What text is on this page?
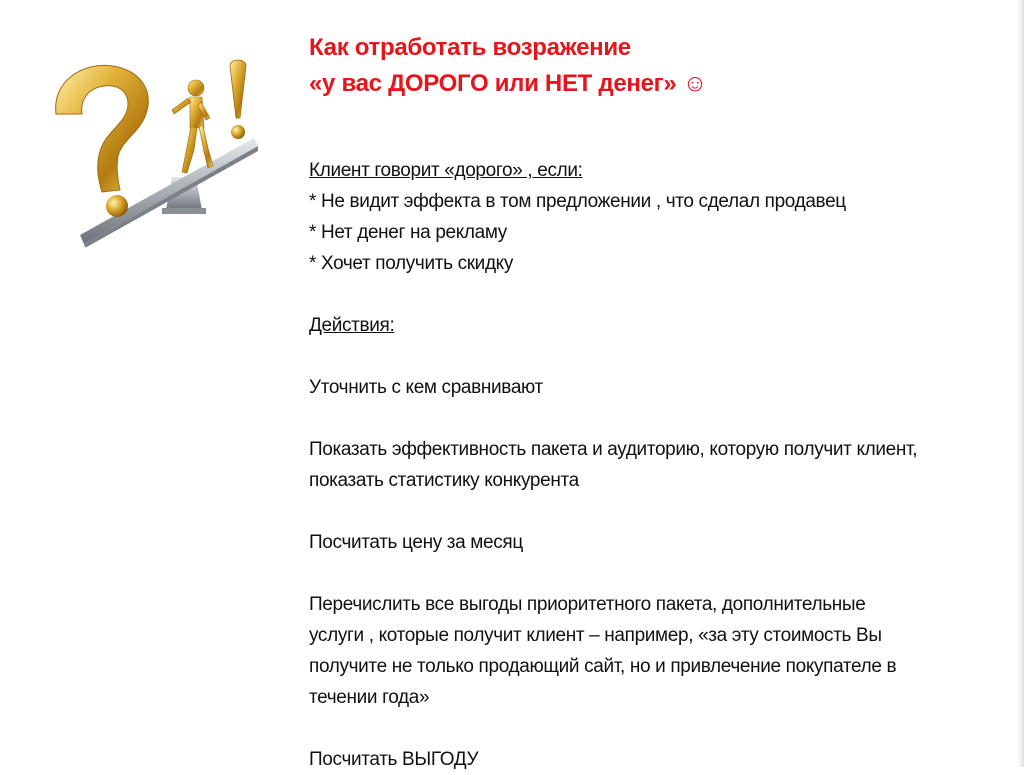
Как отработать возражение
«у вас ДОРОГО или НЕТ денег» ☺
Клиент говорит «дорого» , если:
* Не видит эффекта в том предложении , что сделал продавец
* Нет денег на рекламу
* Хочет получить скидку
Действия:
Уточнить с кем сравнивают
Показать эффективность пакета и аудиторию, которую получит клиент,
показать статистику конкурента
Посчитать цену за месяц
Перечислить все выгоды приоритетного пакета, дополнительные
услуги , которые получит клиент – например, «за эту стоимость Вы
получите не только продающий сайт, но и привлечение покупателе в
течении года»
Посчитать ВЫГОДУ
